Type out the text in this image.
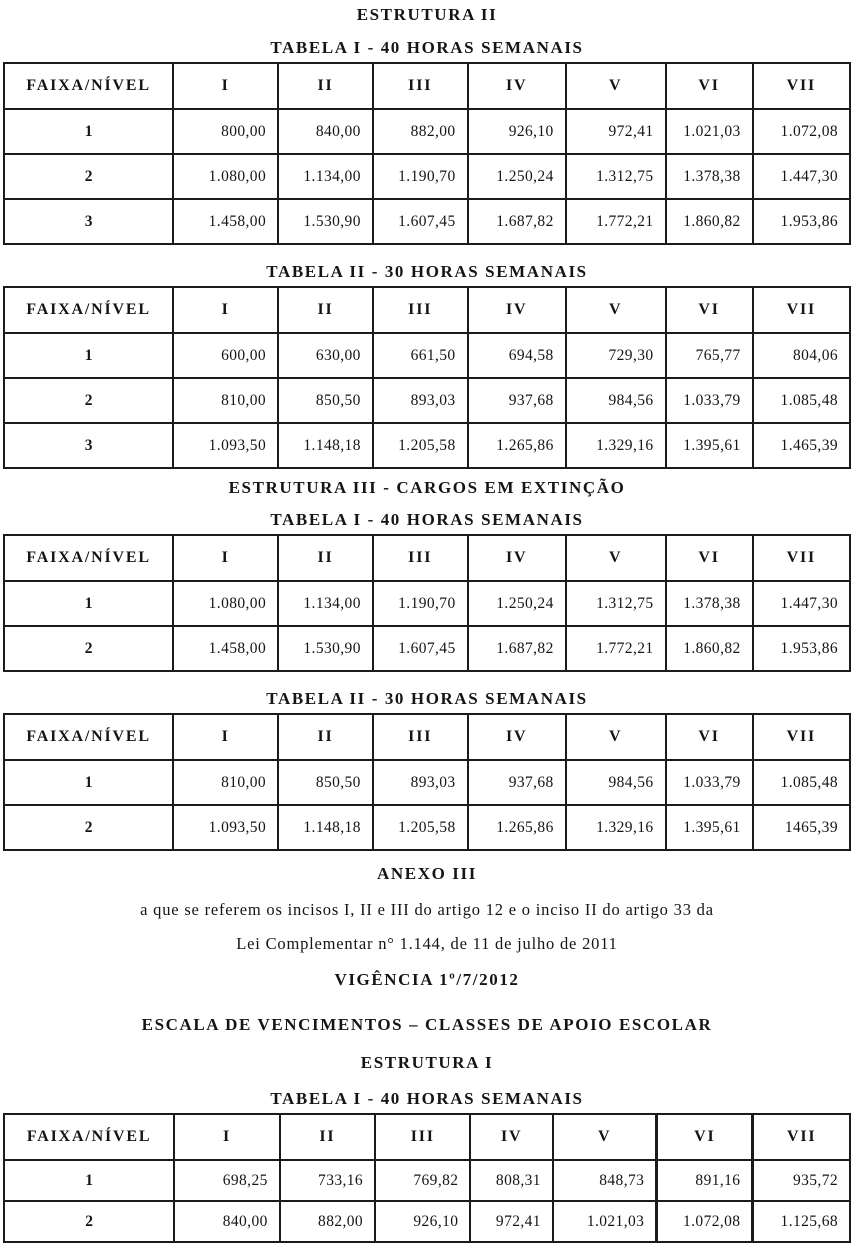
ESTRUTURA II
TABELA I - 40 HORAS SEMANAIS
FAIXA/NÍVEL	I	II	III	IV	V	VI	VII
1	800,00	840,00	882,00	926,10	972,41	1.021,03	1.072,08
2	1.080,00	1.134,00	1.190,70	1.250,24	1.312,75	1.378,38	1.447,30
3	1.458,00	1.530,90	1.607,45	1.687,82	1.772,21	1.860,82	1.953,86
TABELA II - 30 HORAS SEMANAIS
FAIXA/NÍVEL	I	II	III	IV	V	VI	VII
1	600,00	630,00	661,50	694,58	729,30	765,77	804,06
2	810,00	850,50	893,03	937,68	984,56	1.033,79	1.085,48
3	1.093,50	1.148,18	1.205,58	1.265,86	1.329,16	1.395,61	1.465,39
ESTRUTURA III - CARGOS EM EXTINÇÃO
TABELA I - 40 HORAS SEMANAIS
FAIXA/NÍVEL	I	II	III	IV	V	VI	VII
1	1.080,00	1.134,00	1.190,70	1.250,24	1.312,75	1.378,38	1.447,30
2	1.458,00	1.530,90	1.607,45	1.687,82	1.772,21	1.860,82	1.953,86
TABELA II - 30 HORAS SEMANAIS
FAIXA/NÍVEL	I	II	III	IV	V	VI	VII
1	810,00	850,50	893,03	937,68	984,56	1.033,79	1.085,48
2	1.093,50	1.148,18	1.205,58	1.265,86	1.329,16	1.395,61	1465,39
ANEXO III

a que se referem os incisos I, II e III do artigo 12 e o inciso II do artigo 33 da

Lei Complementar n° 1.144, de 11 de julho de 2011

VIGÊNCIA 1º/7/2012
ESCALA DE VENCIMENTOS – CLASSES DE APOIO ESCOLAR
ESTRUTURA I
TABELA I - 40 HORAS SEMANAIS
FAIXA/NÍVEL	I	II	III	IV	V	VI	VII
1	698,25	733,16	769,82	808,31	848,73	891,16	935,72
2	840,00	882,00	926,10	972,41	1.021,03	1.072,08	1.125,68
